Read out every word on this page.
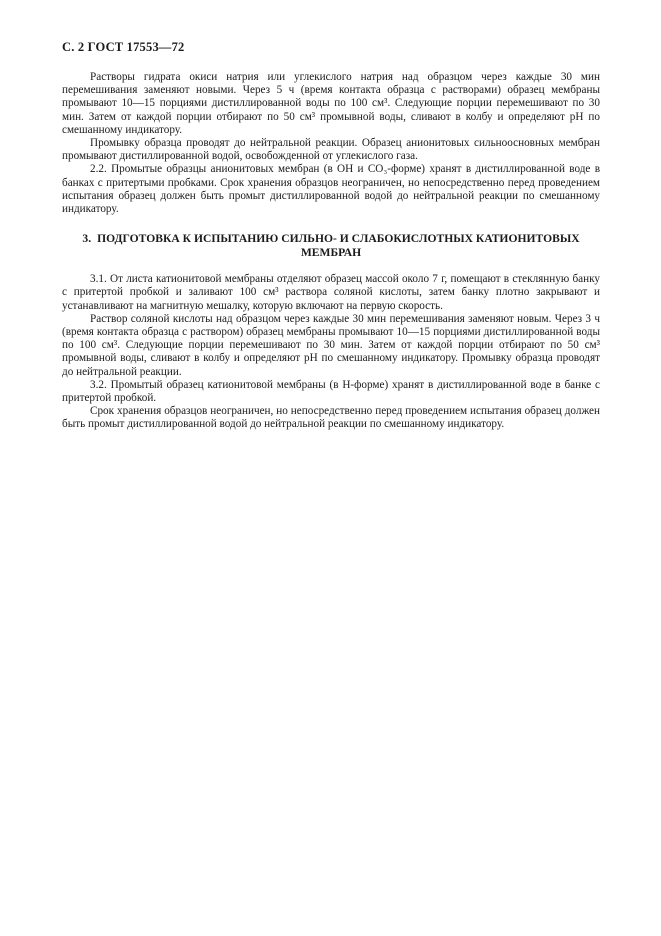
С. 2 ГОСТ 17553—72

Растворы гидрата окиси натрия или углекислого натрия над образцом через каждые 30 мин перемешивания заменяют новыми. Через 5 ч (время контакта образца с растворами) образец мембраны промывают 10—15 порциями дистиллированной воды по 100 см³. Следующие порции перемешивают по 30 мин. Затем от каждой порции отбирают по 50 см³ промывной воды, сливают в колбу и определяют pH по смешанному индикатору.

Промывку образца проводят до нейтральной реакции. Образец анионитовых сильноосновных мембран промывают дистиллированной водой, освобожденной от углекислого газа.

2.2. Промытые образцы анионитовых мембран (в ОН и СО₃-форме) хранят в дистиллированной воде в банках с притертыми пробками. Срок хранения образцов неограничен, но непосредственно перед проведением испытания образец должен быть промыт дистиллированной водой до нейтральной реакции по смешанному индикатору.

3. ПОДГОТОВКА К ИСПЫТАНИЮ СИЛЬНО- И СЛАБОКИСЛОТНЫХ КАТИОНИТОВЫХ МЕМБРАН

3.1. От листа катионитовой мембраны отделяют образец массой около 7 г, помещают в стеклянную банку с притертой пробкой и заливают 100 см³ раствора соляной кислоты, затем банку плотно закрывают и устанавливают на магнитную мешалку, которую включают на первую скорость.

Раствор соляной кислоты над образцом через каждые 30 мин перемешивания заменяют новым. Через 3 ч (время контакта образца с раствором) образец мембраны промывают 10—15 порциями дистиллированной воды по 100 см³. Следующие порции перемешивают по 30 мин. Затем от каждой порции отбирают по 50 см³ промывной воды, сливают в колбу и определяют pH по смешанному индикатору. Промывку образца проводят до нейтральной реакции.

3.2. Промытый образец катионитовой мембраны (в Н-форме) хранят в дистиллированной воде в банке с притертой пробкой.

Срок хранения образцов неограничен, но непосредственно перед проведением испытания образец должен быть промыт дистиллированной водой до нейтральной реакции по смешанному индикатору.
